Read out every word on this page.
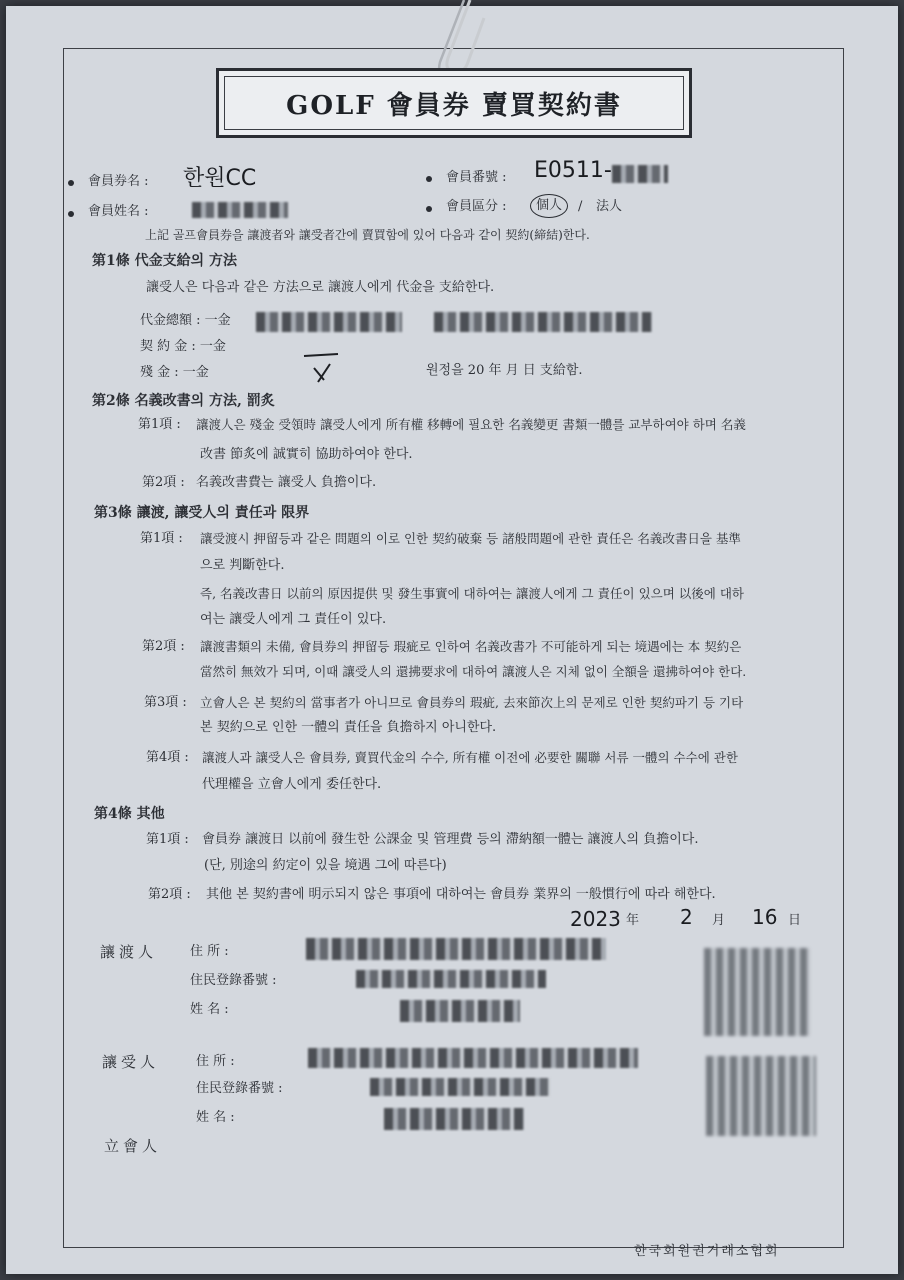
GOLF 會員券 賣買契約書
會員券名 : 한원CC	會員番號 : E0511-
會員姓名 :	會員區分 :	個人	/ 法人
上記 골프會員券을 讓渡者와 讓受者간에 賣買함에 있어 다음과 같이 契約(締結)한다.
第1條 代金支給의 方法
讓受人은 다음과 같은 方法으로 讓渡人에게 代金을 支給한다.
代金總額 : 一金
契 約 金 : 一金
殘 金 : 一金	원정을 20 年 月 日 支給함.
第2條 名義改書의 方法, 罰炙
第1項 : 讓渡人은 殘金 受領時 讓受人에게 所有權 移轉에 필요한 名義變更 書類一體를 교부하여야 하며 名義
改書 節炙에 誠實히 協助하여야 한다.
第2項 : 名義改書費는 讓受人 負擔이다.
第3條 讓渡, 讓受人의 責任과 限界
第1項 : 讓受渡시 押留등과 같은 問題의 이로 인한 契約破棄 등 諸般問題에 관한 責任은 名義改書日을 基準
으로 判斷한다.
즉, 名義改書日 以前의 原因提供 및 發生事實에 대하여는 讓渡人에게 그 責任이 있으며 以後에 대하
여는 讓受人에게 그 責任이 있다.
第2項 : 讓渡書類의 未備, 會員券의 押留등 瑕疵로 인하여 名義改書가 不可能하게 되는 境遇에는 本 契約은
當然히 無效가 되며, 이때 讓受人의 還拂要求에 대하여 讓渡人은 지체 없이 全額을 還拂하여야 한다.
第3項 : 立會人은 본 契約의 當事者가 아니므로 會員券의 瑕疵, 去來節次上의 문제로 인한 契約파기 등 기타
본 契約으로 인한 一體의 責任을 負擔하지 아니한다.
第4項 : 讓渡人과 讓受人은 會員券, 賣買代金의 수수, 所有權 이전에 必要한 關聯 서류 一體의 수수에 관한
代理權을 立會人에게 委任한다.
第4條 其他
第1項 : 會員券 讓渡日 以前에 發生한 公課金 및 管理費 등의 滯納額一體는 讓渡人의 負擔이다.
(단, 別途의 約定이 있을 境遇 그에 따른다)
第2項 : 其他 본 契約書에 明示되지 않은 事項에 대하여는 會員券 業界의 一般慣行에 따라 해한다.
2023 年 2 月 16 日
讓渡人	住 所 :
住民登錄番號 :
姓 名 :
讓受人	住 所 :
住民登錄番號 :
姓 名 :
立會人
한국회원권거래소협회
